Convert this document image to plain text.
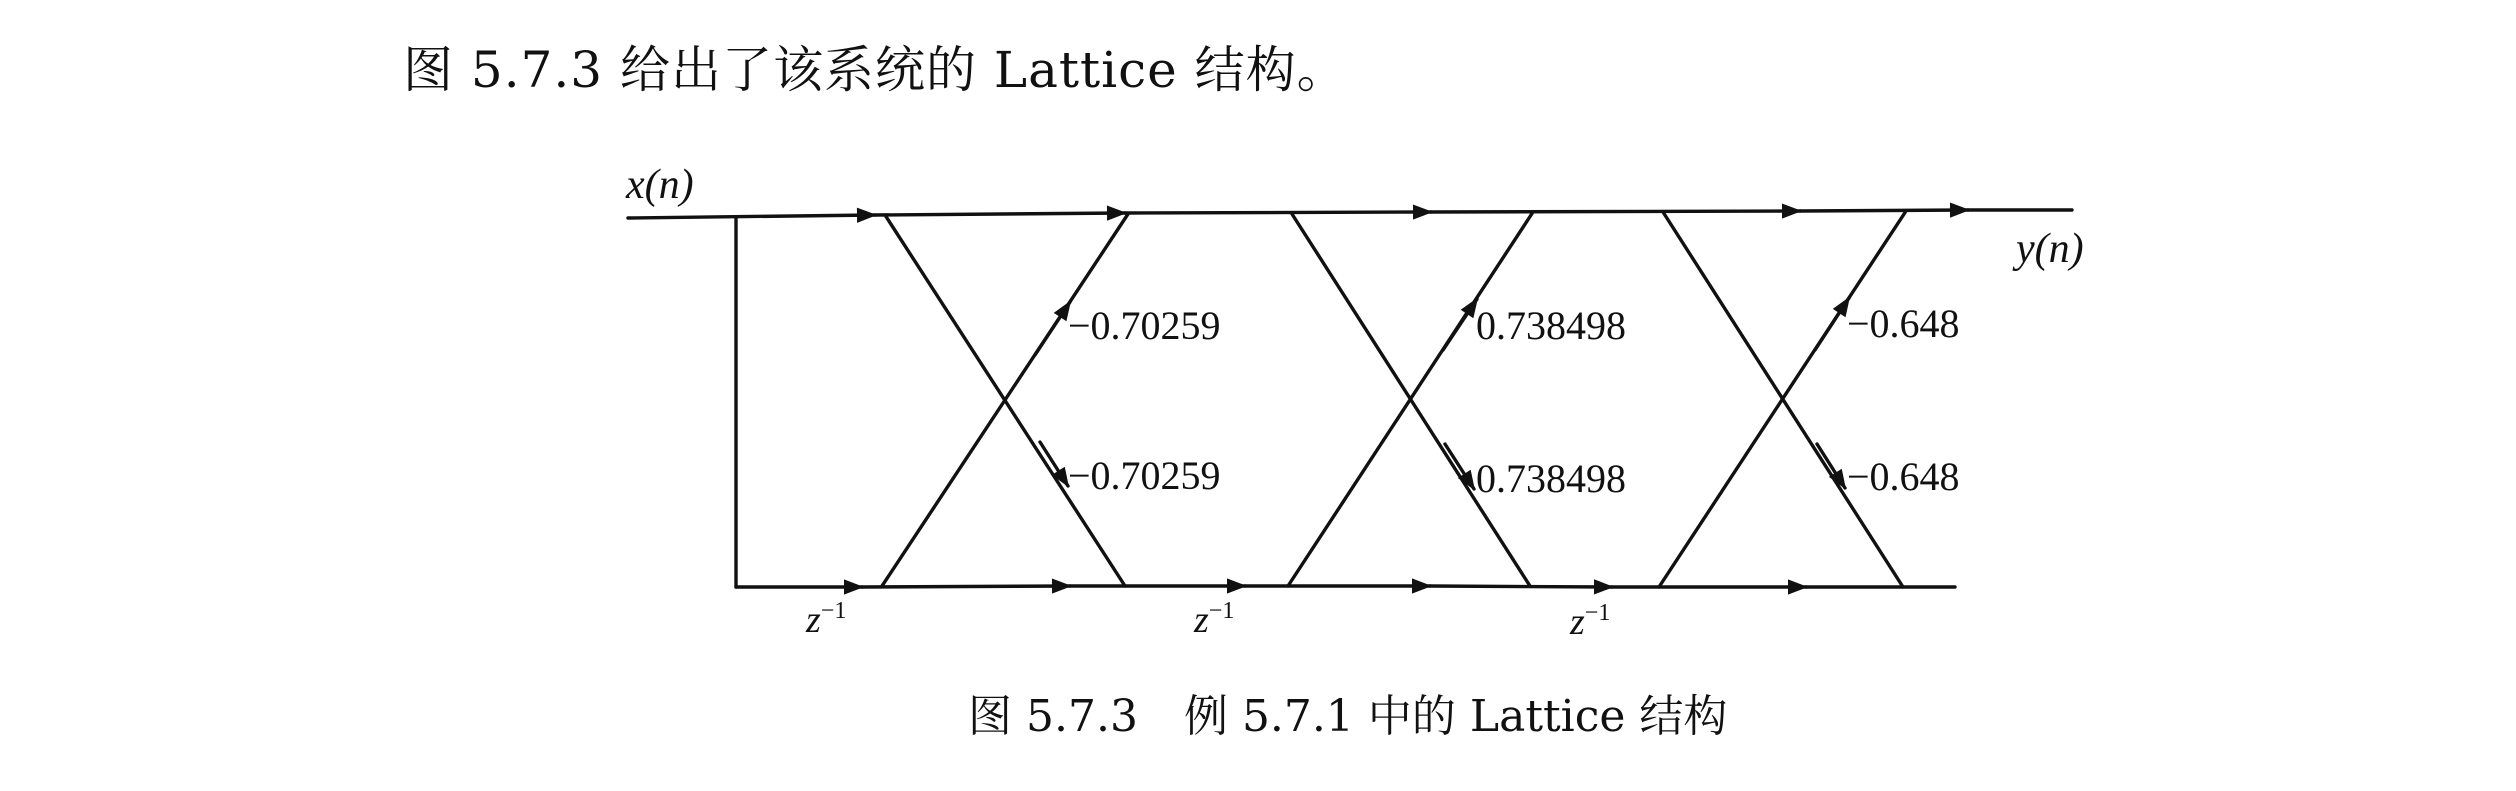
图 5.7.3 给出了该系统的 Lattice 结构。
x(n)
y(n)
−0.70259
−0.70259
0.738498
0.738498
−0.648
−0.648
$z^{-1}$	$z^{-1}$	$z^{-1}$
图 5.7.3 例 5.7.1 中的 Lattice 结构
